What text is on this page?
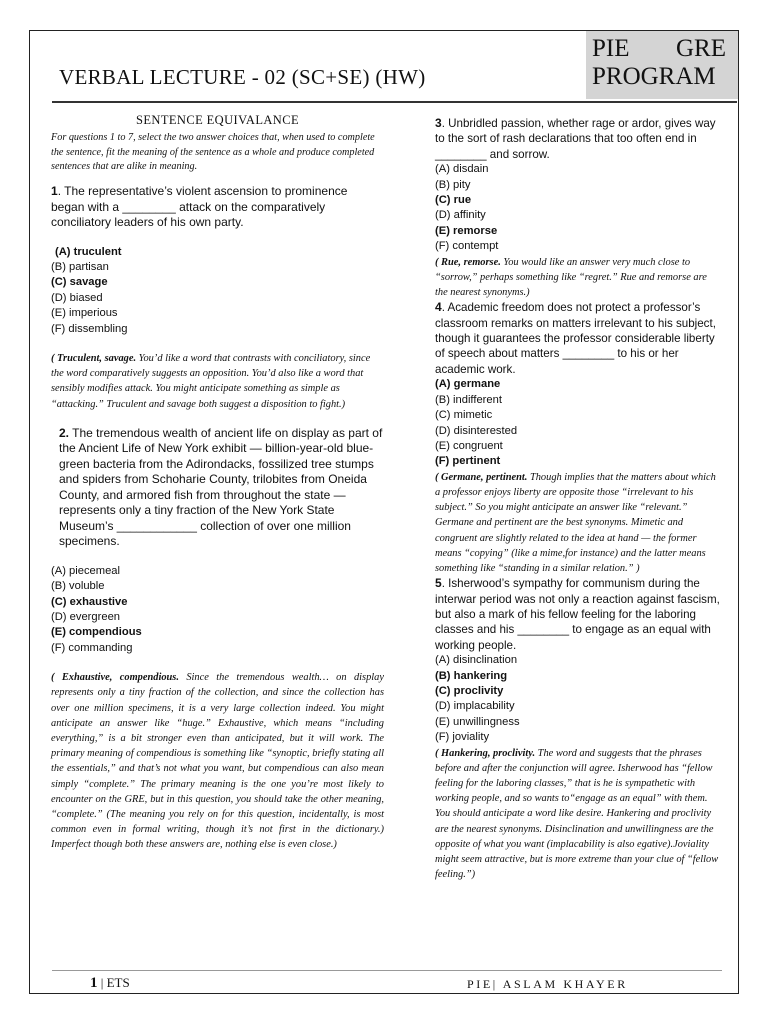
VERBAL LECTURE - 02 (SC+SE) (HW)
PIE GRE
PROGRAM
SENTENCE EQUIVALANCE
For questions 1 to 7, select the two answer choices that, when used to complete the sentence, fit the meaning of the sentence as a whole and produce completed sentences that are alike in meaning.

1. The representative’s violent ascension to prominence began with a ________ attack on the comparatively conciliatory leaders of his own party.

(A) truculent

(B) partisan

(C) savage

(D) biased

(E) imperious

(F) dissembling

( Truculent, savage. You’d like a word that contrasts with conciliatory, since the word comparatively suggests an opposition. You’d also like a word that sensibly modifies attack. You might anticipate something as simple as “attacking.” Truculent and savage both suggest a disposition to fight.)

2. The tremendous wealth of ancient life on display as part of the Ancient Life of New York exhibit — billion-year-old blue-green bacteria from the Adirondacks, fossilized tree stumps and spiders from Schoharie County, trilobites from Oneida County, and armored fish from throughout the state — represents only a tiny fraction of the New York State Museum’s ____________ collection of over one million specimens.

(A) piecemeal

(B) voluble

(C) exhaustive

(D) evergreen

(E) compendious

(F) commanding

( Exhaustive, compendious. Since the tremendous wealth… on display represents only a tiny fraction of the collection, and since the collection has over one million specimens, it is a very large collection indeed. You might anticipate an answer like “huge.” Exhaustive, which means “including everything,” is a bit stronger even than anticipated, but it will work. The primary meaning of compendious is something like “synoptic, briefly stating all the essentials,” and that’s not what you want, but compendious can also mean simply “complete.” The primary meaning is the one you’re most likely to encounter on the GRE, but in this question, you should take the other meaning, “complete.” (The meaning you rely on for this question, incidentally, is most common even in formal writing, though it’s not first in the dictionary.) Imperfect though both these answers are, nothing else is even close.)

3. Unbridled passion, whether rage or ardor, gives way to the sort of rash declarations that too often end in ________ and sorrow.

(A) disdain

(B) pity

(C) rue

(D) affinity

(E) remorse

(F) contempt

( Rue, remorse. You would like an answer very much close to “sorrow,” perhaps something like “regret.” Rue and remorse are the nearest synonyms.)

4. Academic freedom does not protect a professor’s classroom remarks on matters irrelevant to his subject, though it guarantees the professor considerable liberty of speech about matters ________ to his or her academic work.

(A) germane

(B) indifferent

(C) mimetic

(D) disinterested

(E) congruent

(F) pertinent

( Germane, pertinent. Though implies that the matters about which a professor enjoys liberty are opposite those “irrelevant to his subject.” So you might anticipate an answer like “relevant.” Germane and pertinent are the best synonyms. Mimetic and congruent are slightly related to the idea at hand — the former means “copying” (like a mime,for instance) and the latter means something like “standing in a similar relation.” )

5. Isherwood’s sympathy for communism during the interwar period was not only a reaction against fascism, but also a mark of his fellow feeling for the laboring classes and his ________ to engage as an equal with working people.

(A) disinclination

(B) hankering

(C) proclivity

(D) implacability

(E) unwillingness

(F) joviality

( Hankering, proclivity. The word and suggests that the phrases before and after the conjunction will agree. Isherwood has “fellow feeling for the laboring classes,” that is he is sympathetic with working people, and so wants to“engage as an equal” with them. You should anticipate a word like desire. Hankering and proclivity are the nearest synonyms. Disinclination and unwillingness are the opposite of what you want (implacability is also egative).Joviality might seem attractive, but is more extreme than your clue of “fellow feeling.”)

1 | ETS	PIE| ASLAM KHAYER
